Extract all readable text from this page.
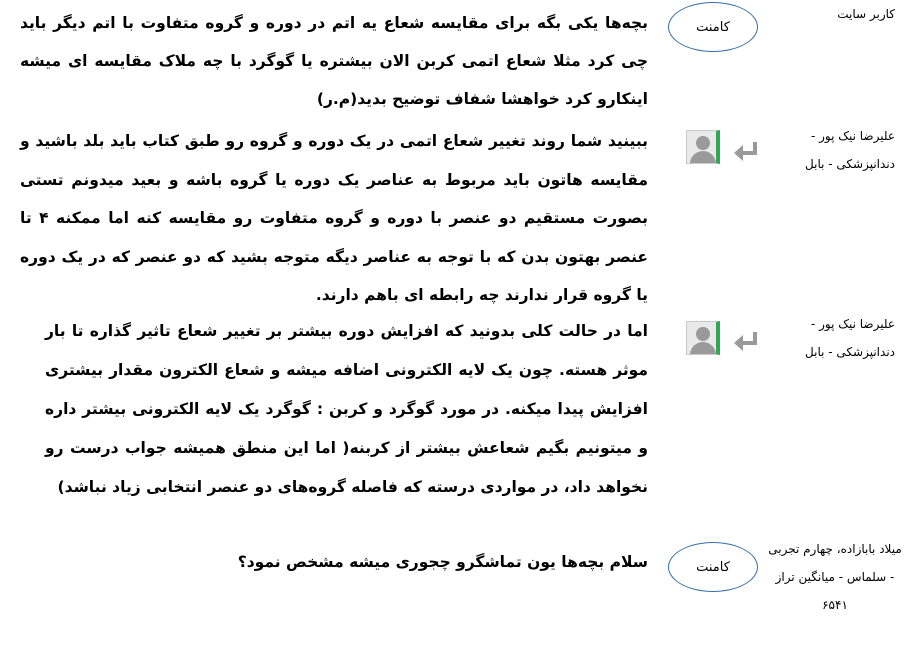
کاربر سایت
کامنت

بچه‌ها یکی بگه برای مقایسه شعاع یه اتم در دوره و گروه متفاوت با اتم دیگر باید چی کرد مثلا شعاع اتمی کربن الان بیشتره یا گوگرد با چه ملاک مقایسه ای میشه اینکارو کرد خواهشا شفاف توضیح بدید(م.ر)

علیرضا نیک پور -
دندانپزشکی - بابل

ببینید شما روند تغییر شعاع اتمی در یک دوره و گروه رو طبق کتاب باید بلد باشید و مقایسه هاتون باید مربوط به عناصر یک دوره یا گروه باشه و بعید میدونم تستی بصورت مستقیم دو عنصر با دوره و گروه متفاوت رو مقایسه کنه اما ممکنه ۴ تا عنصر بهتون بدن که با توجه به عناصر دیگه متوجه بشید که دو عنصر که در یک دوره یا گروه قرار ندارند چه رابطه ای باهم دارند.

علیرضا نیک پور -
دندانپزشکی - بابل

اما در حالت کلی بدونید که افزایش دوره بیشتر بر تغییر شعاع تاثیر گذاره تا بار موثر هسته. چون یک لایه الکترونی اضافه میشه و شعاع الکترون مقدار بیشتری افزایش پیدا میکنه. در مورد گوگرد و کربن : گوگرد یک لایه الکترونی بیشتر داره و میتونیم بگیم شعاعش بیشتر از کربنه( اما این منطق همیشه جواب درست رو نخواهد داد، در مواردی درسته که فاصله گروه‌های دو عنصر انتخابی زیاد نباشد)

میلاد بابازاده، چهارم تجربی
- سلماس - میانگین تراز
۶۵۴۱
کامنت

سلام بچه‌ها یون تماشگرو چجوری میشه مشخص نمود؟
